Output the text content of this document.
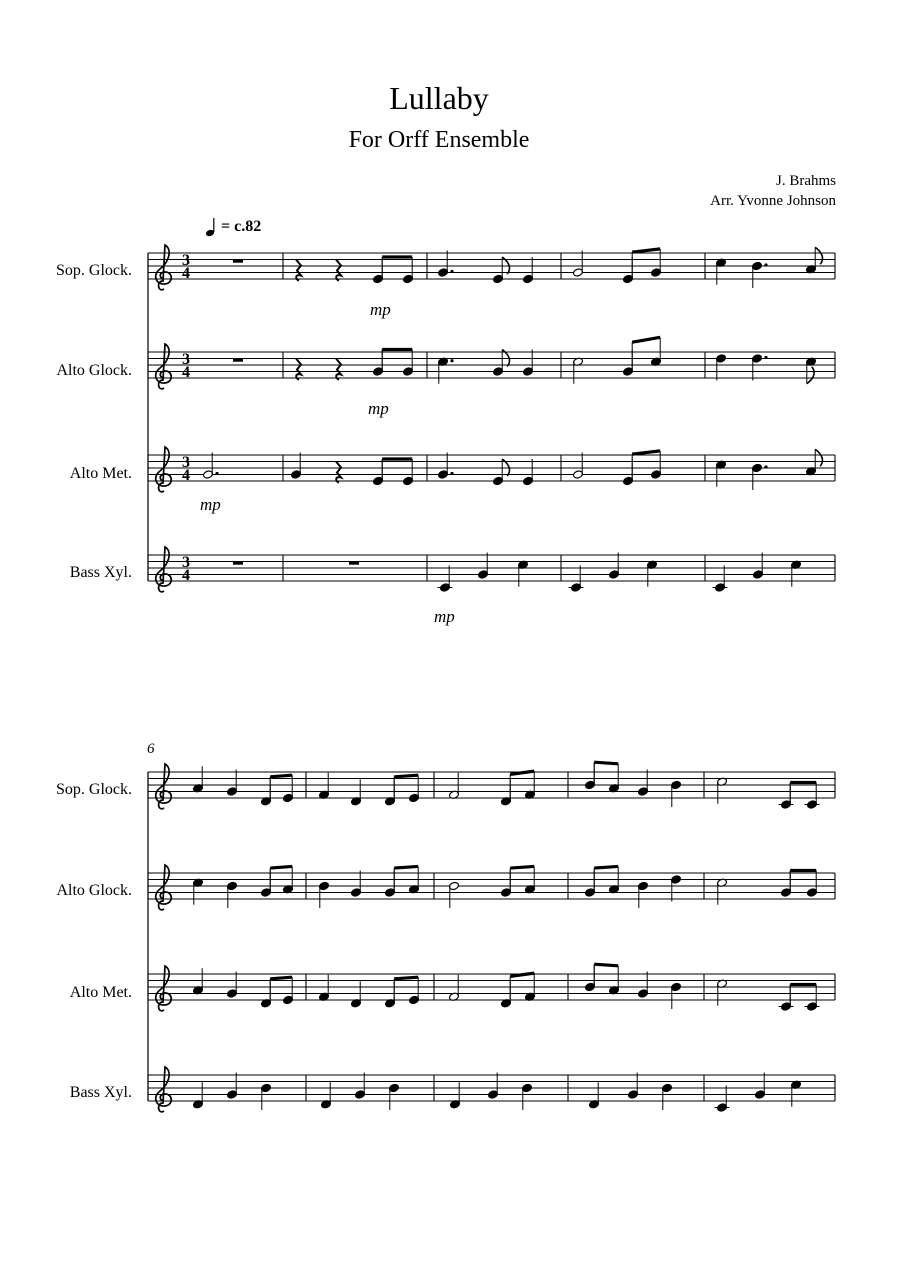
Lullaby
For Orff Ensemble
J. Brahms
Arr. Yvonne Johnson
= c.82
Sop. Glock.
Alto Glock.
Alto Met.
Bass Xyl.
mp
mp
mp
mp
6
Sop. Glock.
Alto Glock.
Alto Met.
Bass Xyl.
3
4
3
4
3
4
3
4
